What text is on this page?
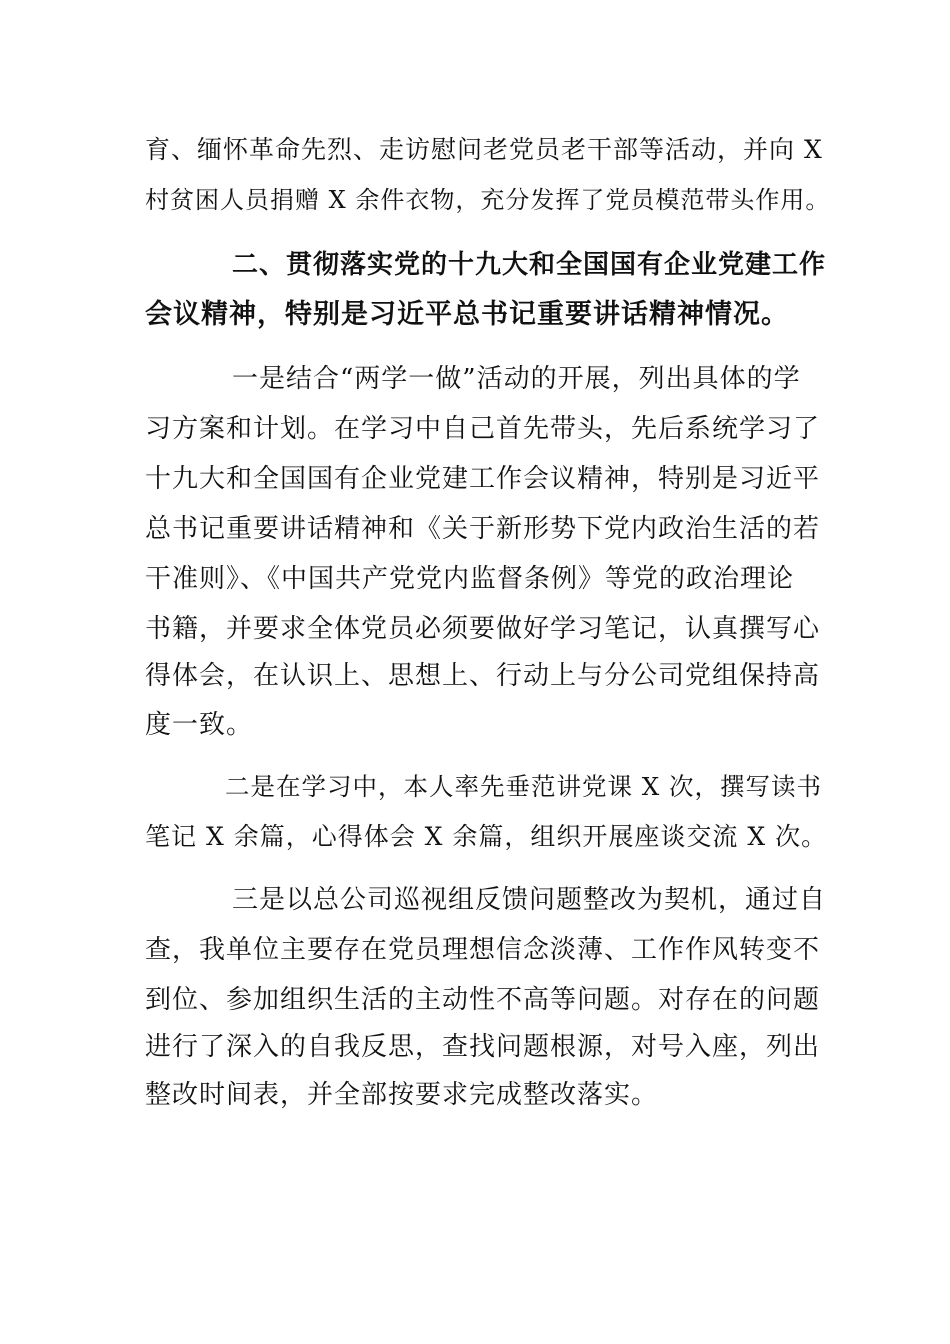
育、缅怀革命先烈、走访慰问老党员老干部等活动，并向 X
村贫困人员捐赠 X 余件衣物，充分发挥了党员模范带头作用。
二、贯彻落实党的十九大和全国国有企业党建工作
会议精神，特别是习近平总书记重要讲话精神情况。
一是结合“两学一做”活动的开展，列出具体的学
习方案和计划。在学习中自己首先带头，先后系统学习了
十九大和全国国有企业党建工作会议精神，特别是习近平
总书记重要讲话精神和《关于新形势下党内政治生活的若
干准则》、《中国共产党党内监督条例》等党的政治理论
书籍，并要求全体党员必须要做好学习笔记，认真撰写心
得体会，在认识上、思想上、行动上与分公司党组保持高
度一致。
二是在学习中，本人率先垂范讲党课 X 次，撰写读书
笔记 X 余篇，心得体会 X 余篇，组织开展座谈交流 X 次。
三是以总公司巡视组反馈问题整改为契机，通过自
查，我单位主要存在党员理想信念淡薄、工作作风转变不
到位、参加组织生活的主动性不高等问题。对存在的问题
进行了深入的自我反思，查找问题根源，对号入座，列出
整改时间表，并全部按要求完成整改落实。
